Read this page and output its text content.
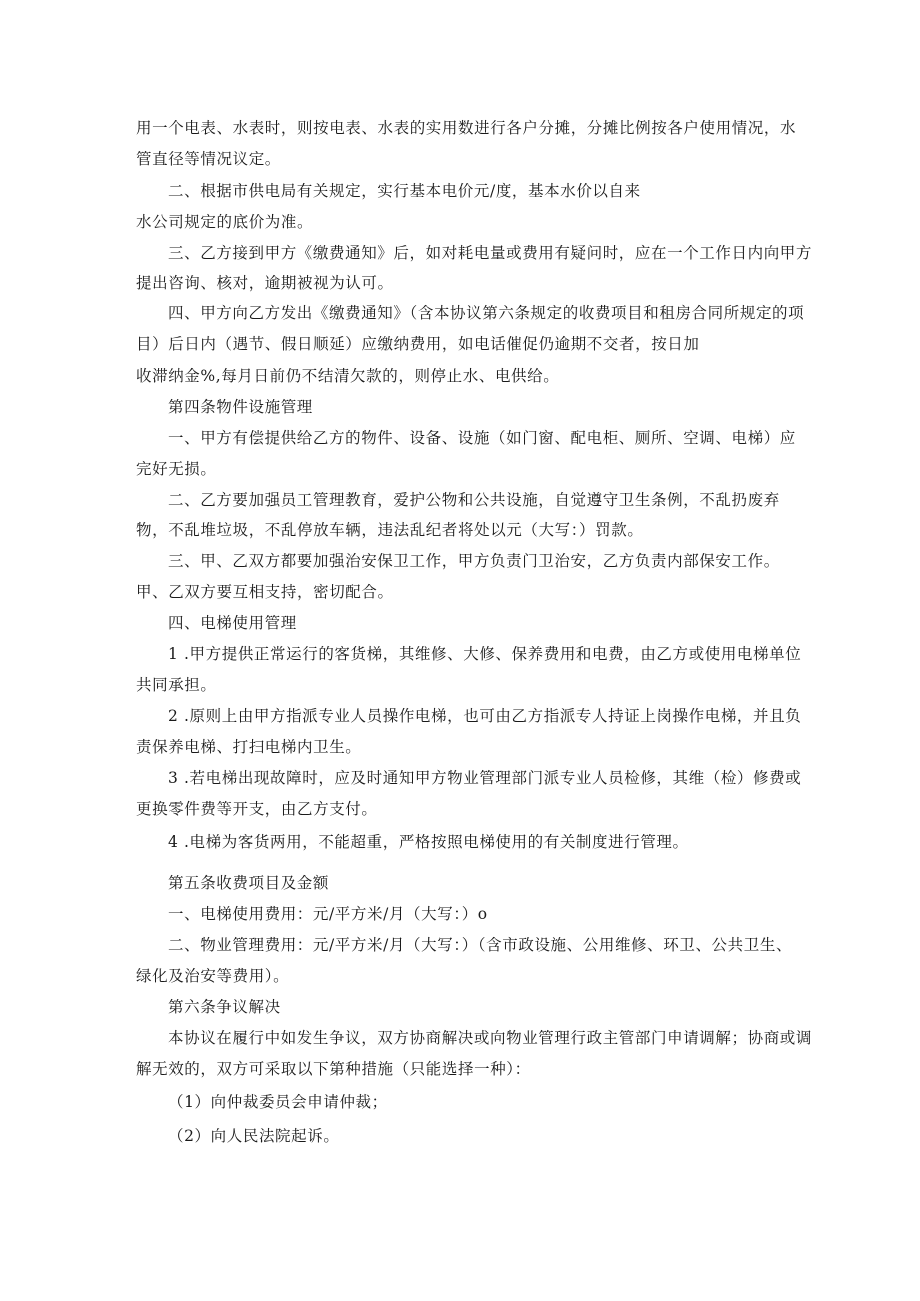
用一个电表、水表时，则按电表、水表的实用数进行各户分摊，分摊比例按各户使用情况，水
管直径等情况议定。
二、根据市供电局有关规定，实行基本电价元/度，基本水价以自来
水公司规定的底价为准。
三、乙方接到甲方《缴费通知》后，如对耗电量或费用有疑问时，应在一个工作日内向甲方
提出咨询、核对，逾期被视为认可。
四、甲方向乙方发出《缴费通知》（含本协议第六条规定的收费项目和租房合同所规定的项
目）后日内（遇节、假日顺延）应缴纳费用，如电话催促仍逾期不交者，按日加
收滞纳金%,每月日前仍不结清欠款的，则停止水、电供给。
第四条物件设施管理
一、甲方有偿提供给乙方的物件、设备、设施（如门窗、配电柜、厕所、空调、电梯）应
完好无损。
二、乙方要加强员工管理教育，爱护公物和公共设施，自觉遵守卫生条例，不乱扔废弃
物，不乱堆垃圾，不乱停放车辆，违法乱纪者将处以元（大写：）罚款。
三、甲、乙双方都要加强治安保卫工作，甲方负责门卫治安，乙方负责内部保安工作。
甲、乙双方要互相支持，密切配合。
四、电梯使用管理
1 .甲方提供正常运行的客货梯，其维修、大修、保养费用和电费，由乙方或使用电梯单位
共同承担。
2 .原则上由甲方指派专业人员操作电梯，也可由乙方指派专人持证上岗操作电梯，并且负
责保养电梯、打扫电梯内卫生。
3 .若电梯出现故障时，应及时通知甲方物业管理部门派专业人员检修，其维（检）修费或
更换零件费等开支，由乙方支付。
4 .电梯为客货两用，不能超重，严格按照电梯使用的有关制度进行管理。
第五条收费项目及金额
一、电梯使用费用：元/平方米/月（大写：）o
二、物业管理费用：元/平方米/月（大写：）（含市政设施、公用维修、环卫、公共卫生、
绿化及治安等费用）。
第六条争议解决
本协议在履行中如发生争议，双方协商解决或向物业管理行政主管部门申请调解；协商或调
解无效的，双方可采取以下第种措施（只能选择一种）：
（1）向仲裁委员会申请仲裁；
（2）向人民法院起诉。
